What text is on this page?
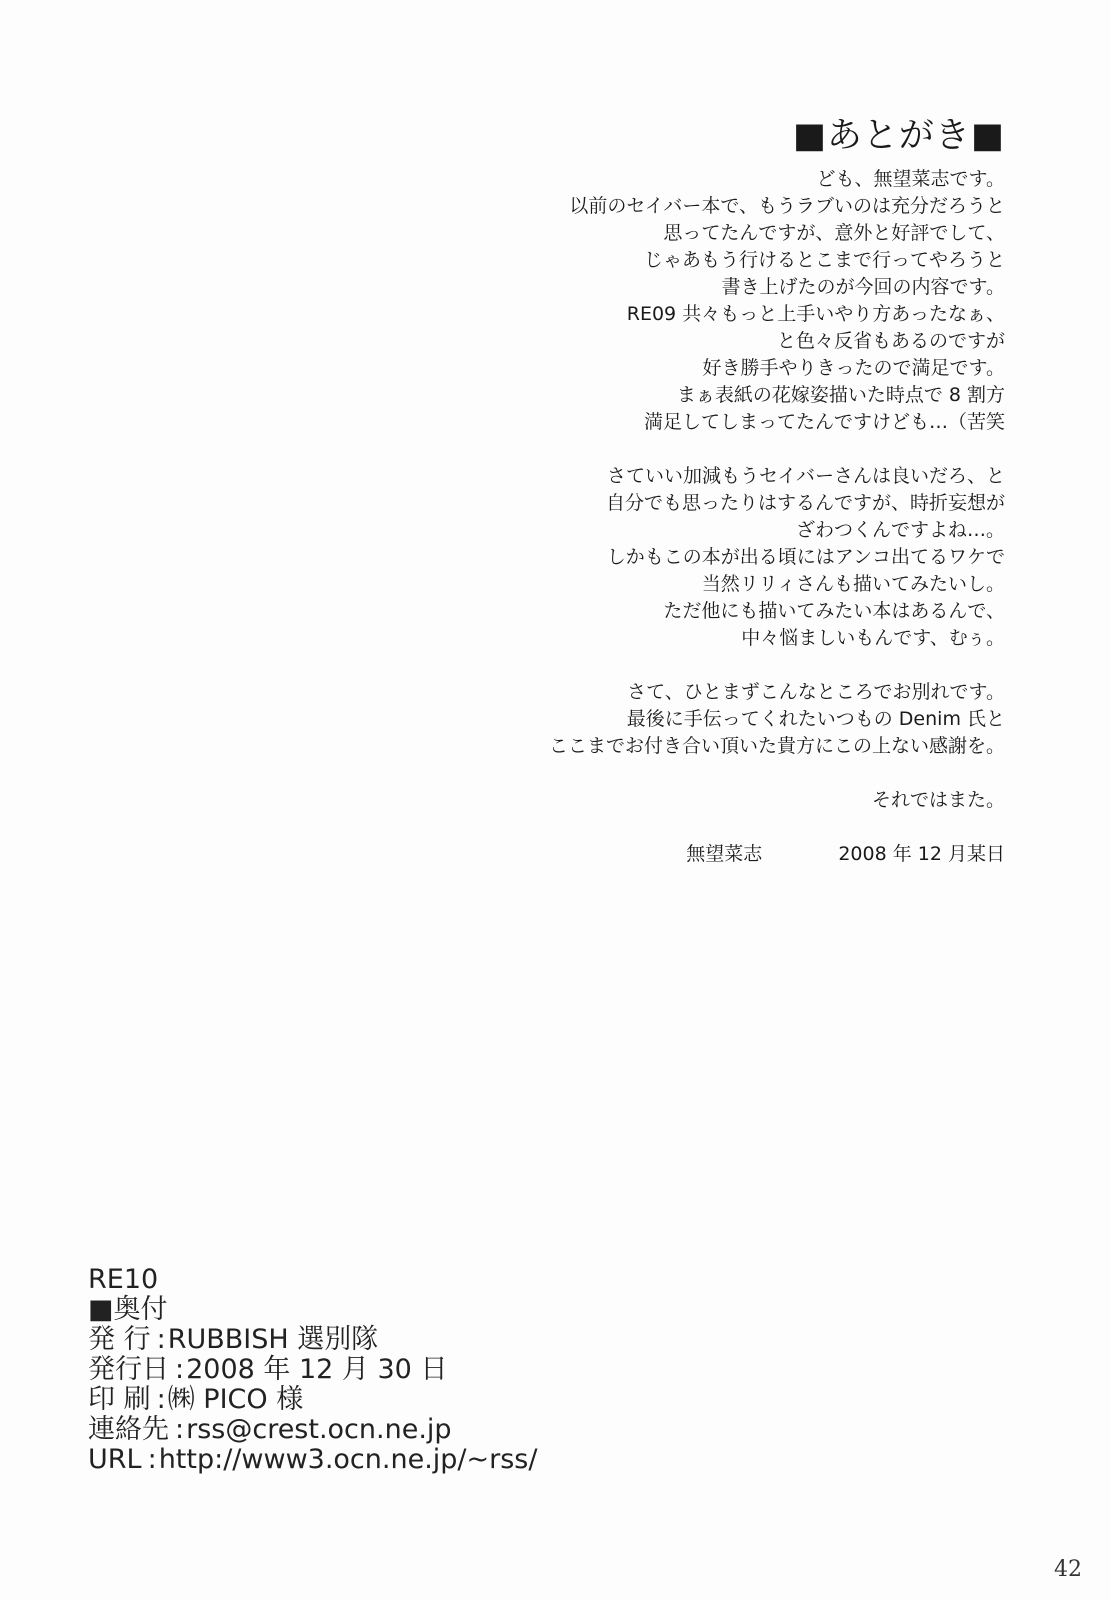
■あとがき■

ども、無望菜志です。
以前のセイバー本で、もうラブいのは充分だろうと
思ってたんですが、意外と好評でして、
じゃあもう行けるとこまで行ってやろうと
書き上げたのが今回の内容です。
RE09 共々もっと上手いやり方あったなぁ、
と色々反省もあるのですが
好き勝手やりきったので満足です。
まぁ表紙の花嫁姿描いた時点で 8 割方
満足してしまってたんですけども…（苦笑

さていい加減もうセイバーさんは良いだろ、と
自分でも思ったりはするんですが、時折妄想が
ざわつくんですよね…。
しかもこの本が出る頃にはアンコ出てるワケで
当然リリィさんも描いてみたいし。
ただ他にも描いてみたい本はあるんで、
中々悩ましいもんです、むぅ。

さて、ひとまずこんなところでお別れです。
最後に手伝ってくれたいつもの Denim 氏と
ここまでお付き合い頂いた貴方にこの上ない感謝を。

それではまた。

無望菜志	2008 年 12 月某日
RE10
■奥付
発 行 :RUBBISH 選別隊
発行日 :2008 年 12 月 30 日
印 刷 :㈱ PICO 様
連絡先 :rss@crest.ocn.ne.jp
URL :http://www3.ocn.ne.jp/~rss/
42
